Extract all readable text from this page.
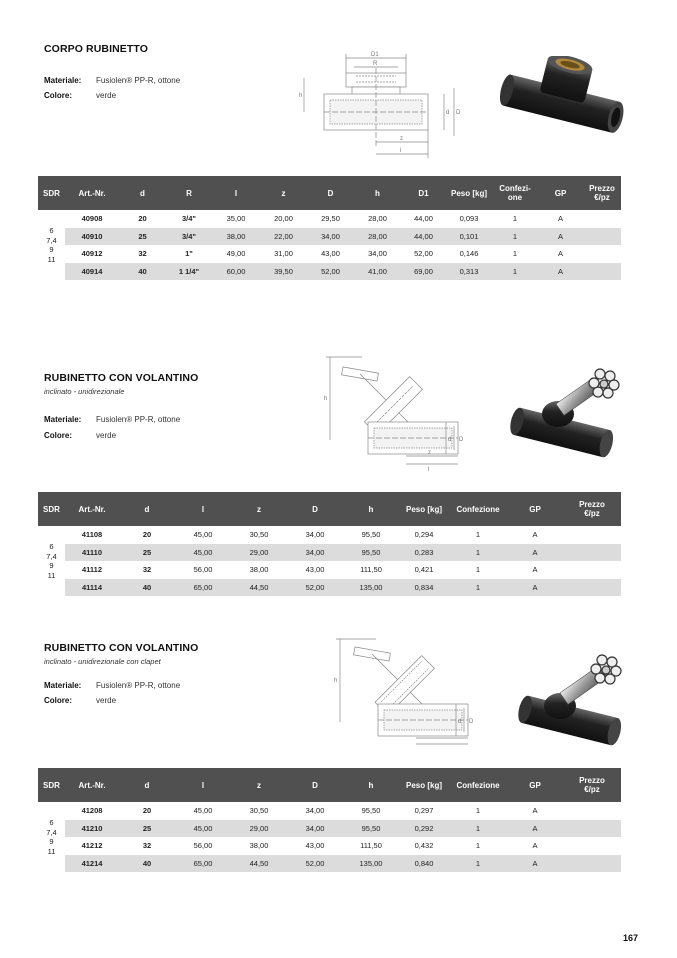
CORPO RUBINETTO
Materiale: Fusiolen® PP-R, ottone
Colore:	verde
D1
R
h
d D
z
l
SDR	Art.-Nr.	d	R	l	z	D	h	D1	Peso [kg]	Confezi-
one	GP	Prezzo
€/pz
40908	20	3/4"	35,00	20,00	29,50	28,00	44,00	0,093	1	A
40910	25	3/4"	38,00	22,00	34,00	28,00	44,00	0,101	1	A
40912	32	1"	49,00	31,00	43,00	34,00	52,00	0,146	1	A
40914	40	1 1/4"	60,00	39,50	52,00	41,00	69,00	0,313	1	A
6
7,4
9
11
RUBINETTO CON VOLANTINO
inclinato - unidirezionale
Materiale: Fusiolen® PP-R, ottone
Colore:	verde
h
d D
z
l
SDR	Art.-Nr.	d	l	z	D	h	Peso [kg]	Confezione	GP	Prezzo
€/pz
41108	20	45,00	30,50	34,00	95,50	0,294	1	A
41110	25	45,00	29,00	34,00	95,50	0,283	1	A
41112	32	56,00	38,00	43,00	111,50	0,421	1	A
41114	40	65,00	44,50	52,00	135,00	0,834	1	A
6
7,4
9
11
RUBINETTO CON VOLANTINO
inclinato - unidirezionale con clapet
Materiale: Fusiolen® PP-R, ottone
Colore:	verde
h
d D
SDR	Art.-Nr.	d	l	z	D	h	Peso [kg]	Confezione	GP	Prezzo
€/pz
41208	20	45,00	30,50	34,00	95,50	0,297	1	A
41210	25	45,00	29,00	34,00	95,50	0,292	1	A
41212	32	56,00	38,00	43,00	111,50	0,432	1	A
41214	40	65,00	44,50	52,00	135,00	0,840	1	A
6
7,4
9
11
167
